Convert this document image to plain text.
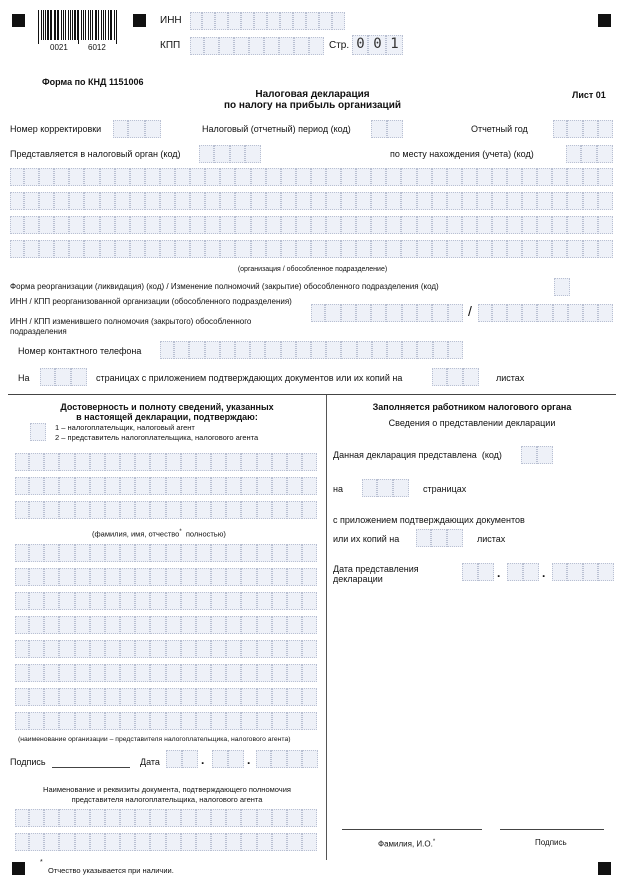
0021	6012
ИНН
КПП	Стр. 0 0 1
Форма по КНД 1151006
Налоговая декларация
по налогу на прибыль организаций
Лист 01
Номер корректировки	Налоговый (отчетный) период (код)	Отчетный год
Представляется в налоговый орган (код)	по месту нахождения (учета) (код)
(организация / обособленное подразделение)
Форма реорганизации (ликвидация) (код) / Изменение полномочий (закрытие) обособленного подразделения (код)
ИНН / КПП реорганизованной организации (обособленного подразделения)
ИНН / КПП изменившего полномочия (закрытого) обособленного подразделения
/
Номер контактного телефона
На	страницах с приложением подтверждающих документов или их копий на	листах
Достоверность и полноту сведений, указанных
в настоящей декларации, подтверждаю:
1 – налогоплательщик, налоговый агент
2 – представитель налогоплательщика, налогового агента
(фамилия, имя, отчество* полностью)
(наименование организации – представителя налогоплательщика, налогового агента)
Подпись	Дата	.	.
Наименование и реквизиты документа, подтверждающего полномочия
представителя налогоплательщика, налогового агента
Заполняется работником налогового органа
Сведения о представлении декларации
Данная декларация представлена (код)
на	страницах
с приложением подтверждающих документов
или их копий на	листах
Дата представления
декларации	.	.
Фамилия, И.О.*	Подпись
*
Отчество указывается при наличии.
